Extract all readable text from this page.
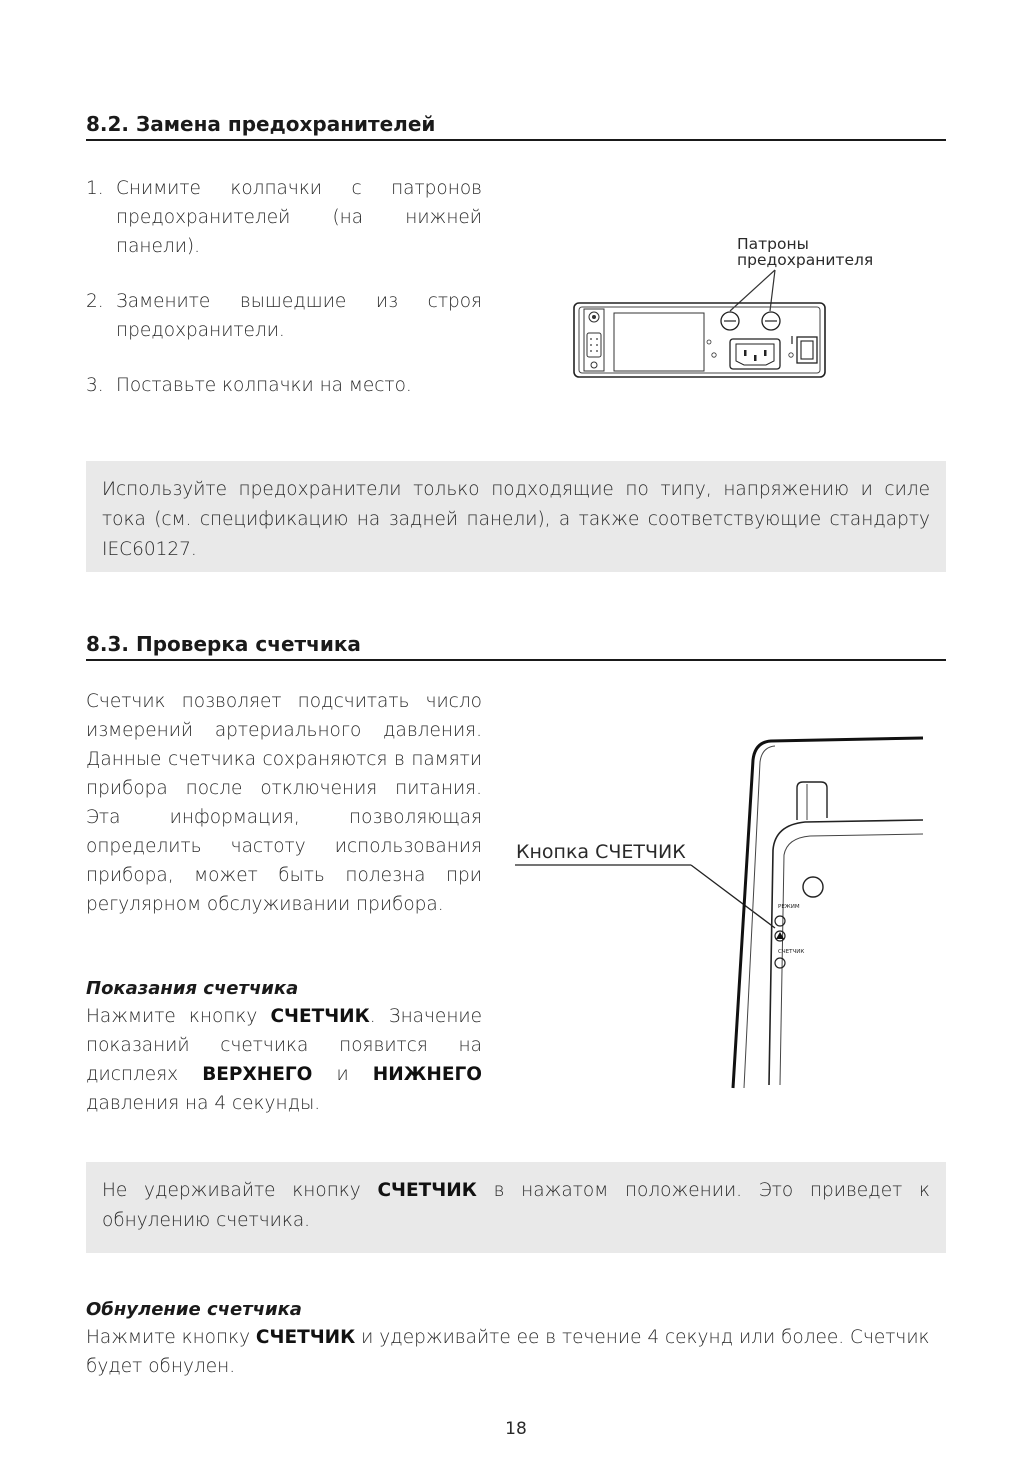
8.2. Замена предохранителей
1. Снимите колпачки с патронов предохранителей (на нижней панели).
2. Замените вышедшие из строя предохранители.
3. Поставьте колпачки на место.
Патроны предохранителя
Используйте предохранители только подходящие по типу, напряжению и силе тока (см. спецификацию на задней панели), а также соответствующие стандарту IEC60127.
8.3. Проверка счетчика
Счетчик позволяет подсчитать число измерений артериального давления. Данные счетчика сохраняются в памяти прибора после отключения питания. Эта информация, позволяющая определить частоту использования прибора, может быть полезна при регулярном обслуживании прибора.
Показания счетчика
Нажмите кнопку СЧЕТЧИК. Значение показаний счетчика появится на дисплеях ВЕРХНЕГО и НИЖНЕГО давления на 4 секунды.
Кнопка СЧЕТЧИК
РЕЖИМ
СЧЕТЧИК
Не удерживайте кнопку СЧЕТЧИК в нажатом положении. Это приведет к обнулению счетчика.
Обнуление счетчика
Нажмите кнопку СЧЕТЧИК и удерживайте ее в течение 4 секунд или более. Счетчик будет обнулен.
18
